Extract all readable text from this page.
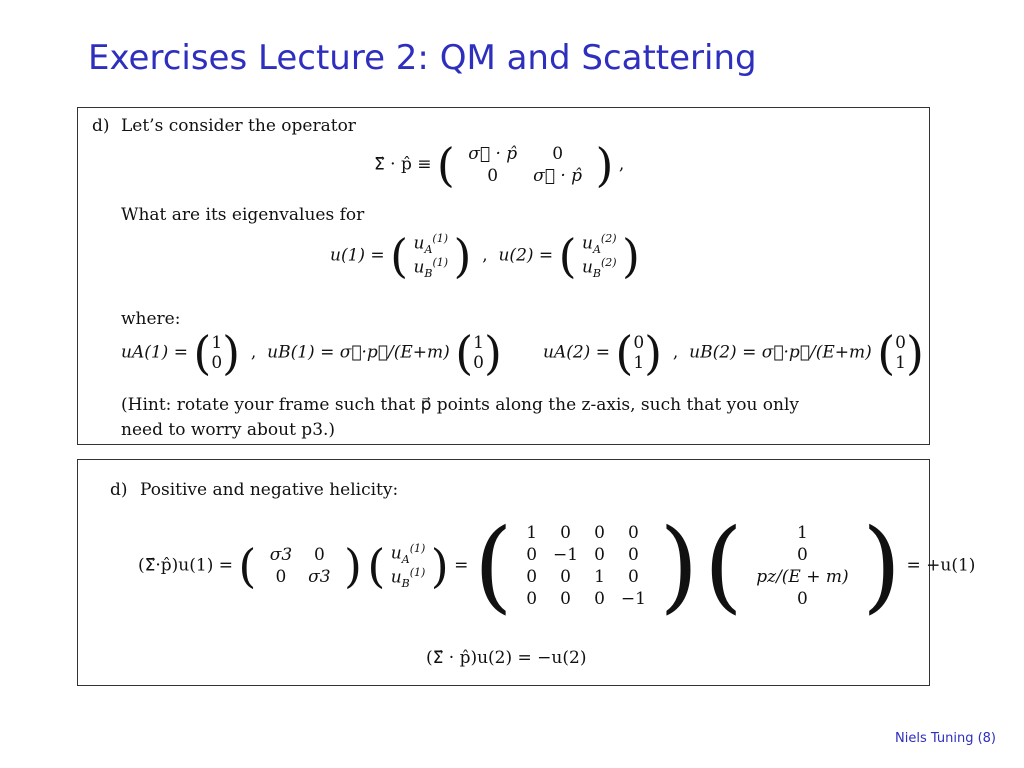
Exercises Lecture 2: QM and Scattering
d) Let’s consider the operator
Σ⃗ · p̂ ≡ ( σ⃗ · p̂	0
0	σ⃗ · p̂ ) ,
What are its eigenvalues for
u(1) = ( $u_A^{(1)}$
$u_B^{(1)}$ )  ,  u(2) = ( $u_A^{(2)}$
$u_B^{(2)}$ )
where:
uA(1) = (1
0)  ,  uB(1) = σ⃗·p⃗/(E+m) (1
0) uA(2) = (0
1)  ,  uB(2) = σ⃗·p⃗/(E+m) (0
1)
(Hint: rotate your frame such that p⃗ points along the z-axis, such that you only
need to worry about p3.)
d) Positive and negative helicity:
(Σ⃗·p̂)u(1) = ( σ3	0
0	σ3 ) ( $u_A^{(1)}$
$u_B^{(1)}$ ) = ( 1	0	0	0
0	−1	0	0
0	0	1	0
0	0	0	−1 ) (	1
0
pz/(E + m)
0 ) = +u(1)
(Σ⃗ · p̂)u(2) = −u(2)
Niels Tuning (8)
